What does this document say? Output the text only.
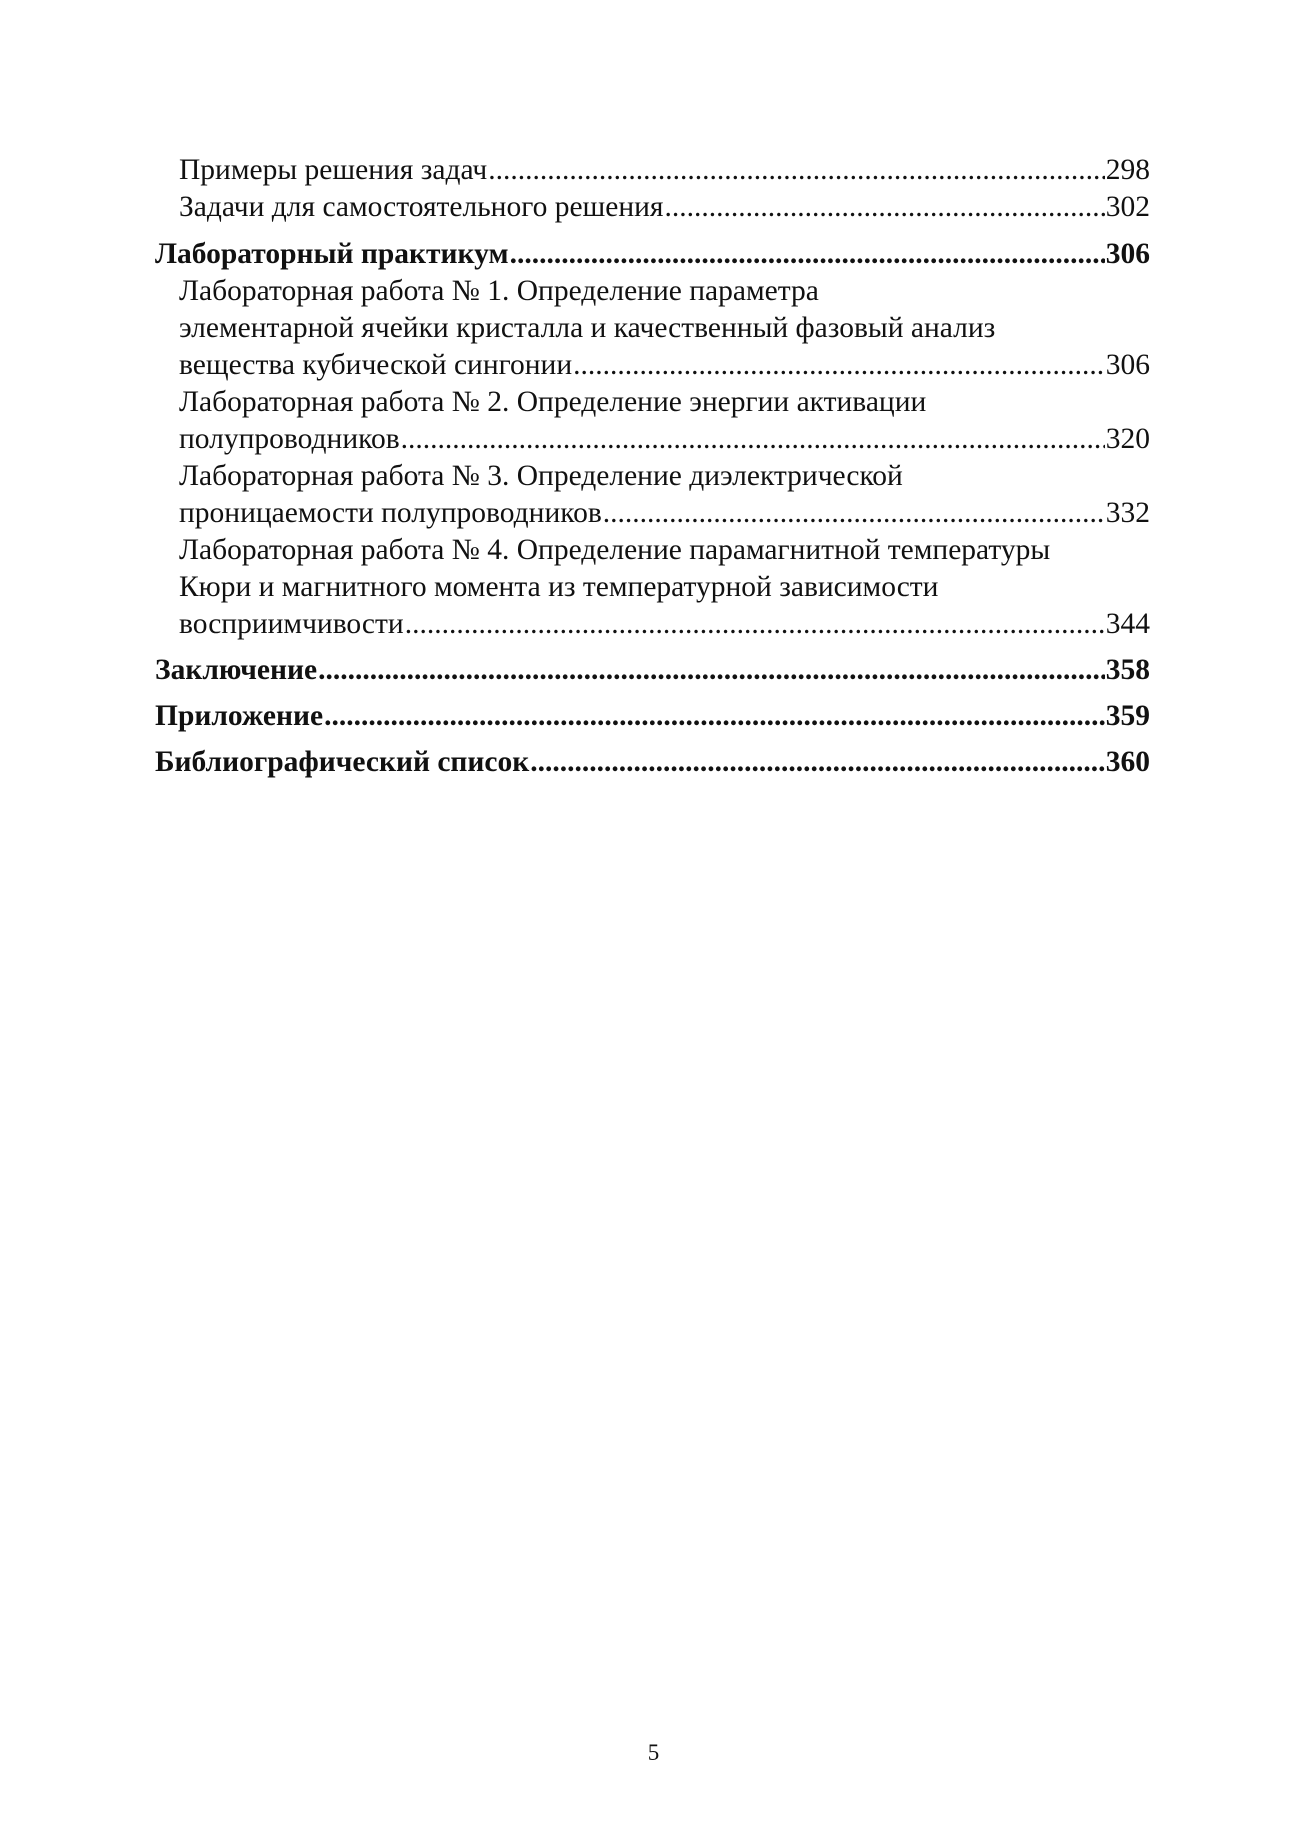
Примеры решения задач .....	298
Задачи для самостоятельного решения .....	302
Лабораторный практикум .....	306
Лабораторная работа № 1. Определение параметра
элементарной ячейки кристалла и качественный фазовый анализ
вещества кубической сингонии .....	306
Лабораторная работа № 2. Определение энергии активации
полупроводников .....	320
Лабораторная работа № 3. Определение диэлектрической
проницаемости полупроводников .....	332
Лабораторная работа № 4. Определение парамагнитной температуры
Кюри и магнитного момента из температурной зависимости
восприимчивости .....	344
Заключение .....	358
Приложение .....	359
Библиографический список .....	360
5
